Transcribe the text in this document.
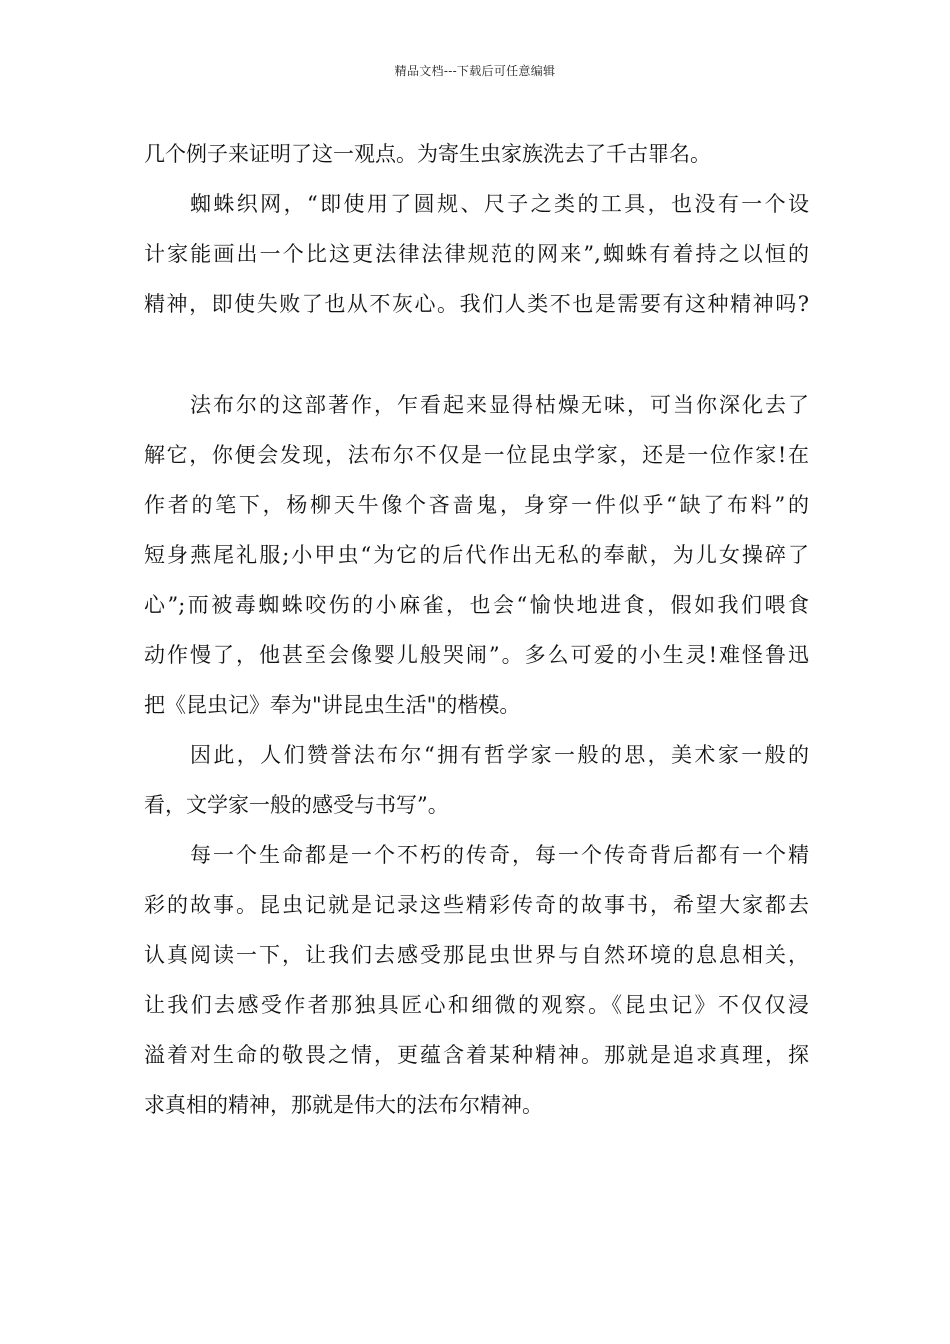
精品文档---下载后可任意编辑
几个例子来证明了这一观点。为寄生虫家族洗去了千古罪名。
蜘蛛织网，“即使用了圆规、尺子之类的工具，也没有一个设
计家能画出一个比这更法律法律规范的网来”,蜘蛛有着持之以恒的
精神，即使失败了也从不灰心。我们人类不也是需要有这种精神吗?
法布尔的这部著作，乍看起来显得枯燥无味，可当你深化去了
解它，你便会发现，法布尔不仅是一位昆虫学家，还是一位作家!在
作者的笔下，杨柳天牛像个吝啬鬼，身穿一件似乎“缺了布料”的
短身燕尾礼服;小甲虫“为它的后代作出无私的奉献，为儿女操碎了
心”;而被毒蜘蛛咬伤的小麻雀，也会“愉快地进食，假如我们喂食
动作慢了，他甚至会像婴儿般哭闹”。多么可爱的小生灵!难怪鲁迅
把《昆虫记》奉为"讲昆虫生活"的楷模。
因此，人们赞誉法布尔“拥有哲学家一般的思，美术家一般的
看，文学家一般的感受与书写”。
每一个生命都是一个不朽的传奇，每一个传奇背后都有一个精
彩的故事。昆虫记就是记录这些精彩传奇的故事书，希望大家都去
认真阅读一下，让我们去感受那昆虫世界与自然环境的息息相关，
让我们去感受作者那独具匠心和细微的观察。《昆虫记》不仅仅浸
溢着对生命的敬畏之情，更蕴含着某种精神。那就是追求真理，探
求真相的精神，那就是伟大的法布尔精神。
